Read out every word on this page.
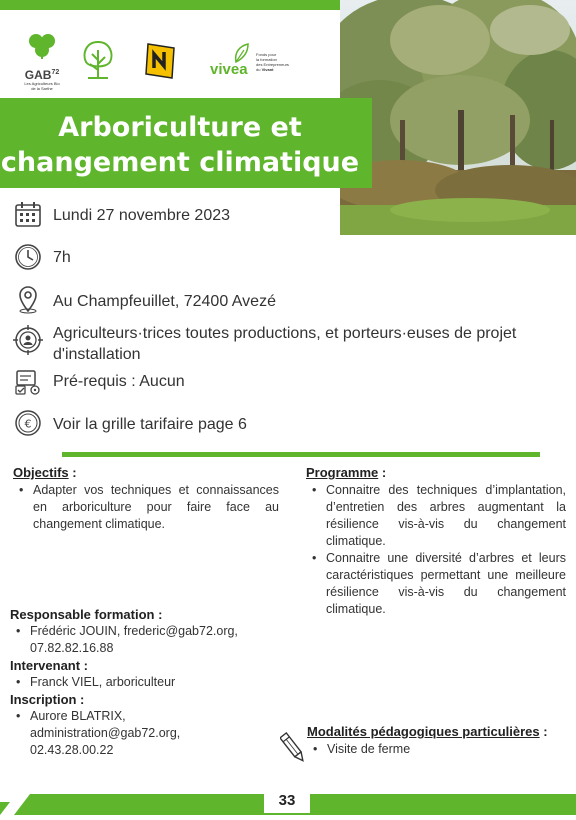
GAB$^{72}$
Les Agriculteurs Bio
de la Sarthe
vivea
Fonds pour
la formation
des Entrepreneurs
du Vivant
Arboriculture et
changement climatique
Lundi 27 novembre 2023
7h
Au Champfeuillet, 72400 Avezé
Agriculteurs·trices toutes productions, et porteurs·euses de projet d'installation
Pré-requis : Aucun
€ Voir la grille tarifaire page 6
Objectifs :
• Adapter vos techniques et connaissances en arboriculture pour faire face au changement climatique.
Programme :
• Connaitre des techniques d’implantation, d’entretien des arbres augmentant la résilience vis-à-vis du changement climatique.
• Connaitre une diversité d’arbres et leurs caractéristiques permettant une meilleure résilience vis-à-vis du changement climatique.
Responsable formation :
• Frédéric JOUIN, frederic@gab72.org, 07.82.82.16.88
Intervenant :
• Franck VIEL, arboriculteur
Inscription :
• Aurore BLATRIX, administration@gab72.org, 02.43.28.00.22
Modalités pédagogiques particulières :
• Visite de ferme
33
